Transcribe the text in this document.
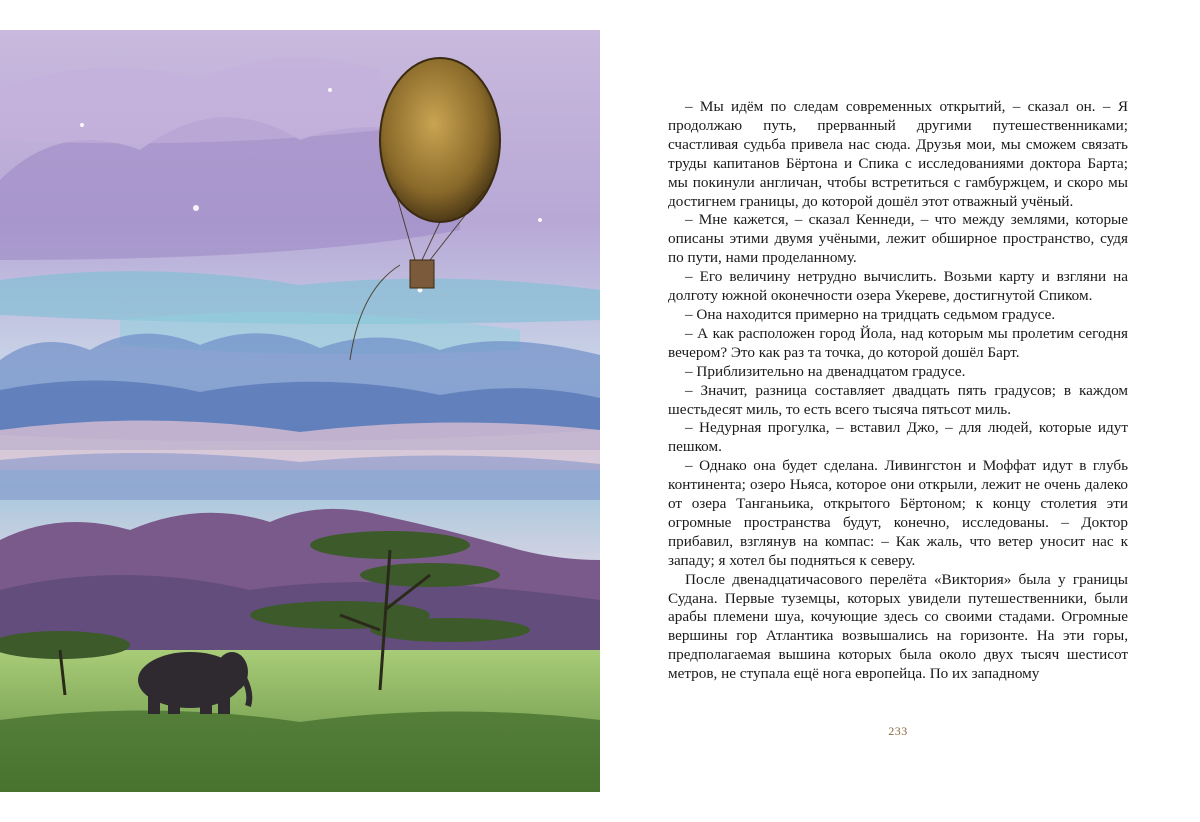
– Мы идём по следам современных открытий, – сказал он. – Я продолжаю путь, прерванный другими путешественниками; счастливая судьба привела нас сюда. Друзья мои, мы сможем связать труды капитанов Бёртона и Спика с исследованиями доктора Барта; мы покинули англичан, чтобы встретиться с гамбуржцем, и скоро мы достигнем границы, до которой дошёл этот отважный учёный.

– Мне кажется, – сказал Кеннеди, – что между землями, которые описаны этими двумя учёными, лежит обширное пространство, судя по пути, нами проделанному.

– Его величину нетрудно вычислить. Возьми карту и взгляни на долготу южной оконечности озера Укереве, достигнутой Спиком.

– Она находится примерно на тридцать седьмом градусе.

– А как расположен город Йола, над которым мы пролетим сегодня вечером? Это как раз та точка, до которой дошёл Барт.

– Приблизительно на двенадцатом градусе.

– Значит, разница составляет двадцать пять градусов; в каждом шестьдесят миль, то есть всего тысяча пятьсот миль.

– Недурная прогулка, – вставил Джо, – для людей, которые идут пешком.

– Однако она будет сделана. Ливингстон и Моффат идут в глубь континента; озеро Ньяса, которое они открыли, лежит не очень далеко от озера Танганьика, открытого Бёртоном; к концу столетия эти огромные пространства будут, конечно, исследованы. – Доктор прибавил, взглянув на компас: – Как жаль, что ветер уносит нас к западу; я хотел бы подняться к северу.

После двенадцатичасового перелёта «Виктория» была у границы Судана. Первые туземцы, которых увидели путешественники, были арабы племени шуа, кочующие здесь со своими стадами. Огромные вершины гор Атлантика возвышались на горизонте. На эти горы, предполагаемая вышина которых была около двух тысяч шестисот метров, не ступала ещё нога европейца. По их западному

233
